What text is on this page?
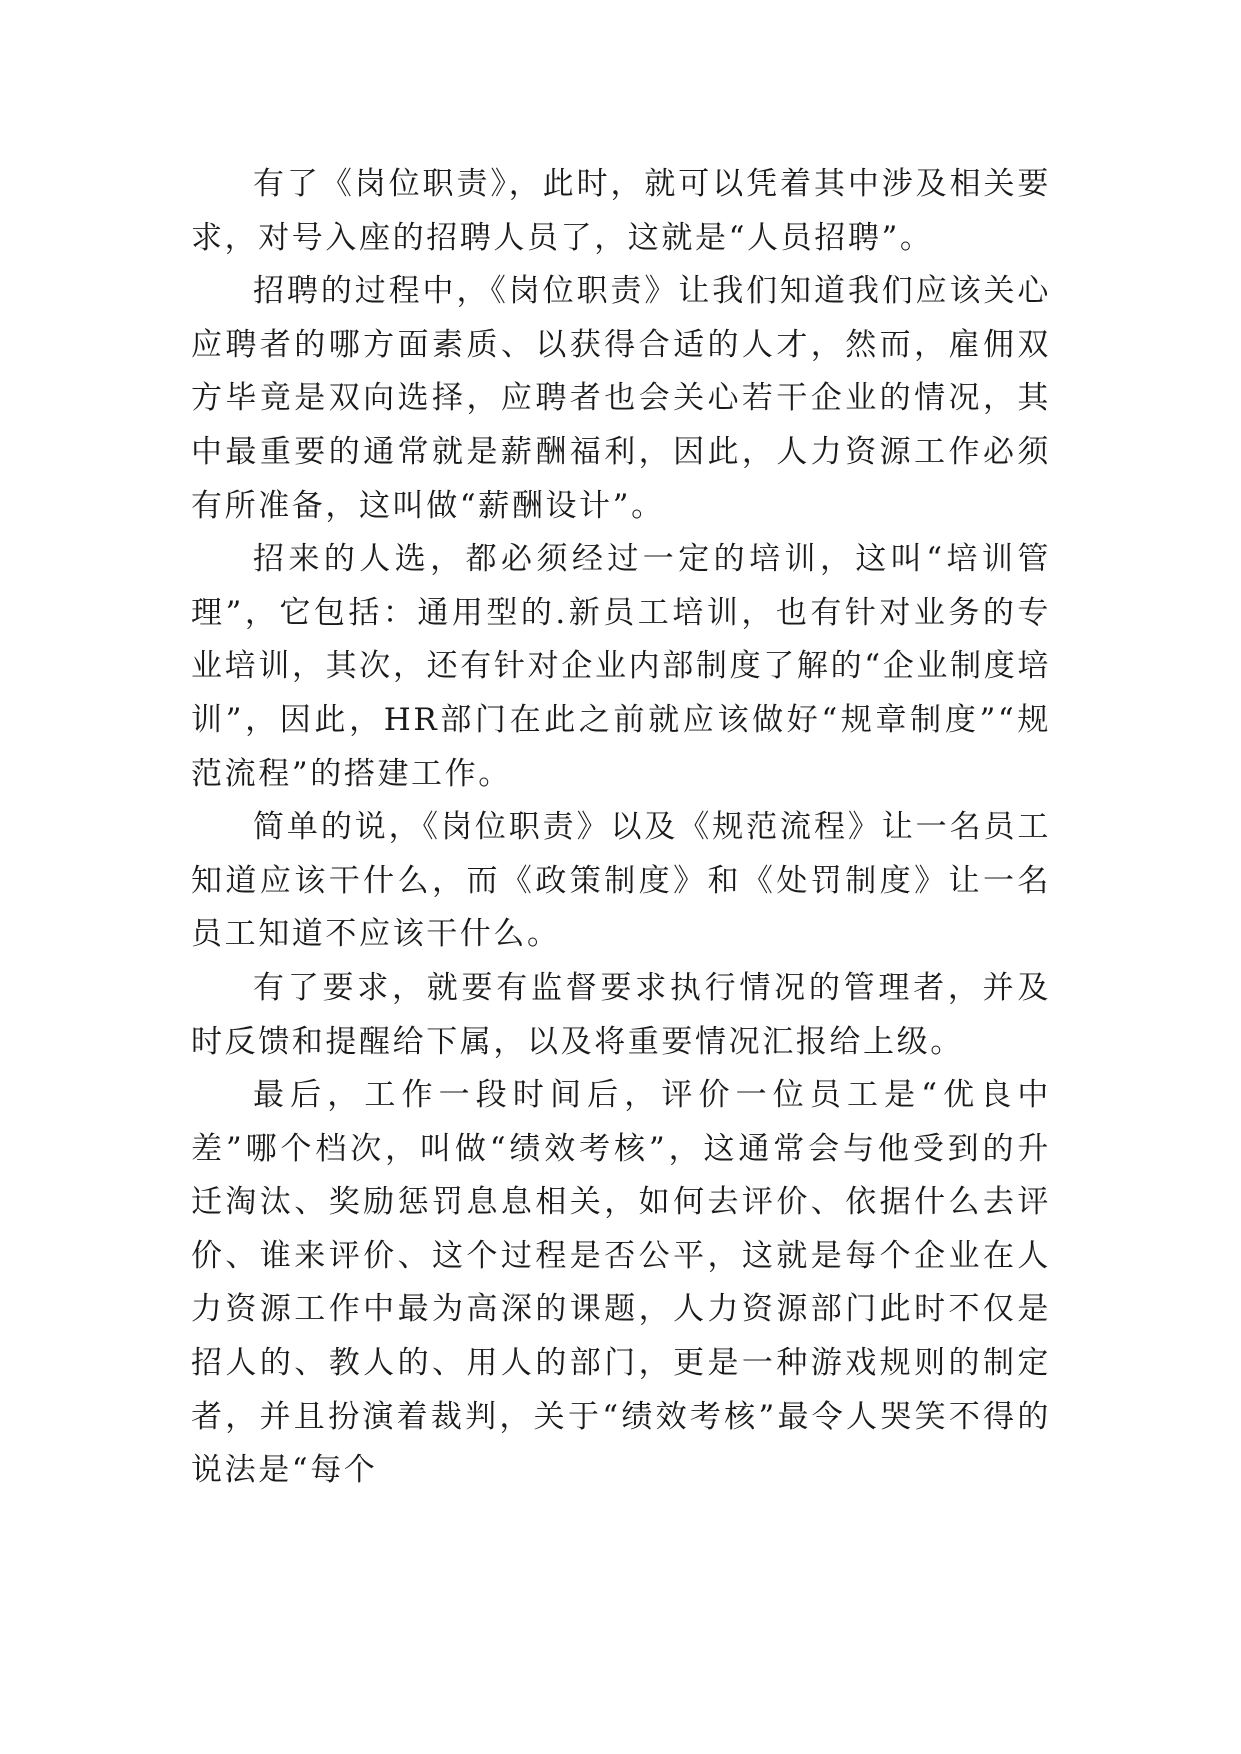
有了《岗位职责》，此时，就可以凭着其中涉及相关要求，对号入座的招聘人员了，这就是“人员招聘”。

招聘的过程中，《岗位职责》让我们知道我们应该关心应聘者的哪方面素质、以获得合适的人才，然而，雇佣双方毕竟是双向选择，应聘者也会关心若干企业的情况，其中最重要的通常就是薪酬福利，因此，人力资源工作必须有所准备，这叫做“薪酬设计”。

招来的人选，都必须经过一定的培训，这叫“培训管理”，它包括：通用型的.新员工培训，也有针对业务的专业培训，其次，还有针对企业内部制度了解的“企业制度培训”，因此，HR部门在此之前就应该做好“规章制度”“规范流程”的搭建工作。

简单的说，《岗位职责》以及《规范流程》让一名员工知道应该干什么，而《政策制度》和《处罚制度》让一名员工知道不应该干什么。

有了要求，就要有监督要求执行情况的管理者，并及时反馈和提醒给下属，以及将重要情况汇报给上级。

最后，工作一段时间后，评价一位员工是“优良中差”哪个档次，叫做“绩效考核”，这通常会与他受到的升迁淘汰、奖励惩罚息息相关，如何去评价、依据什么去评价、谁来评价、这个过程是否公平，这就是每个企业在人力资源工作中最为高深的课题，人力资源部门此时不仅是招人的、教人的、用人的部门，更是一种游戏规则的制定者，并且扮演着裁判，关于“绩效考核”最令人哭笑不得的说法是“每个
